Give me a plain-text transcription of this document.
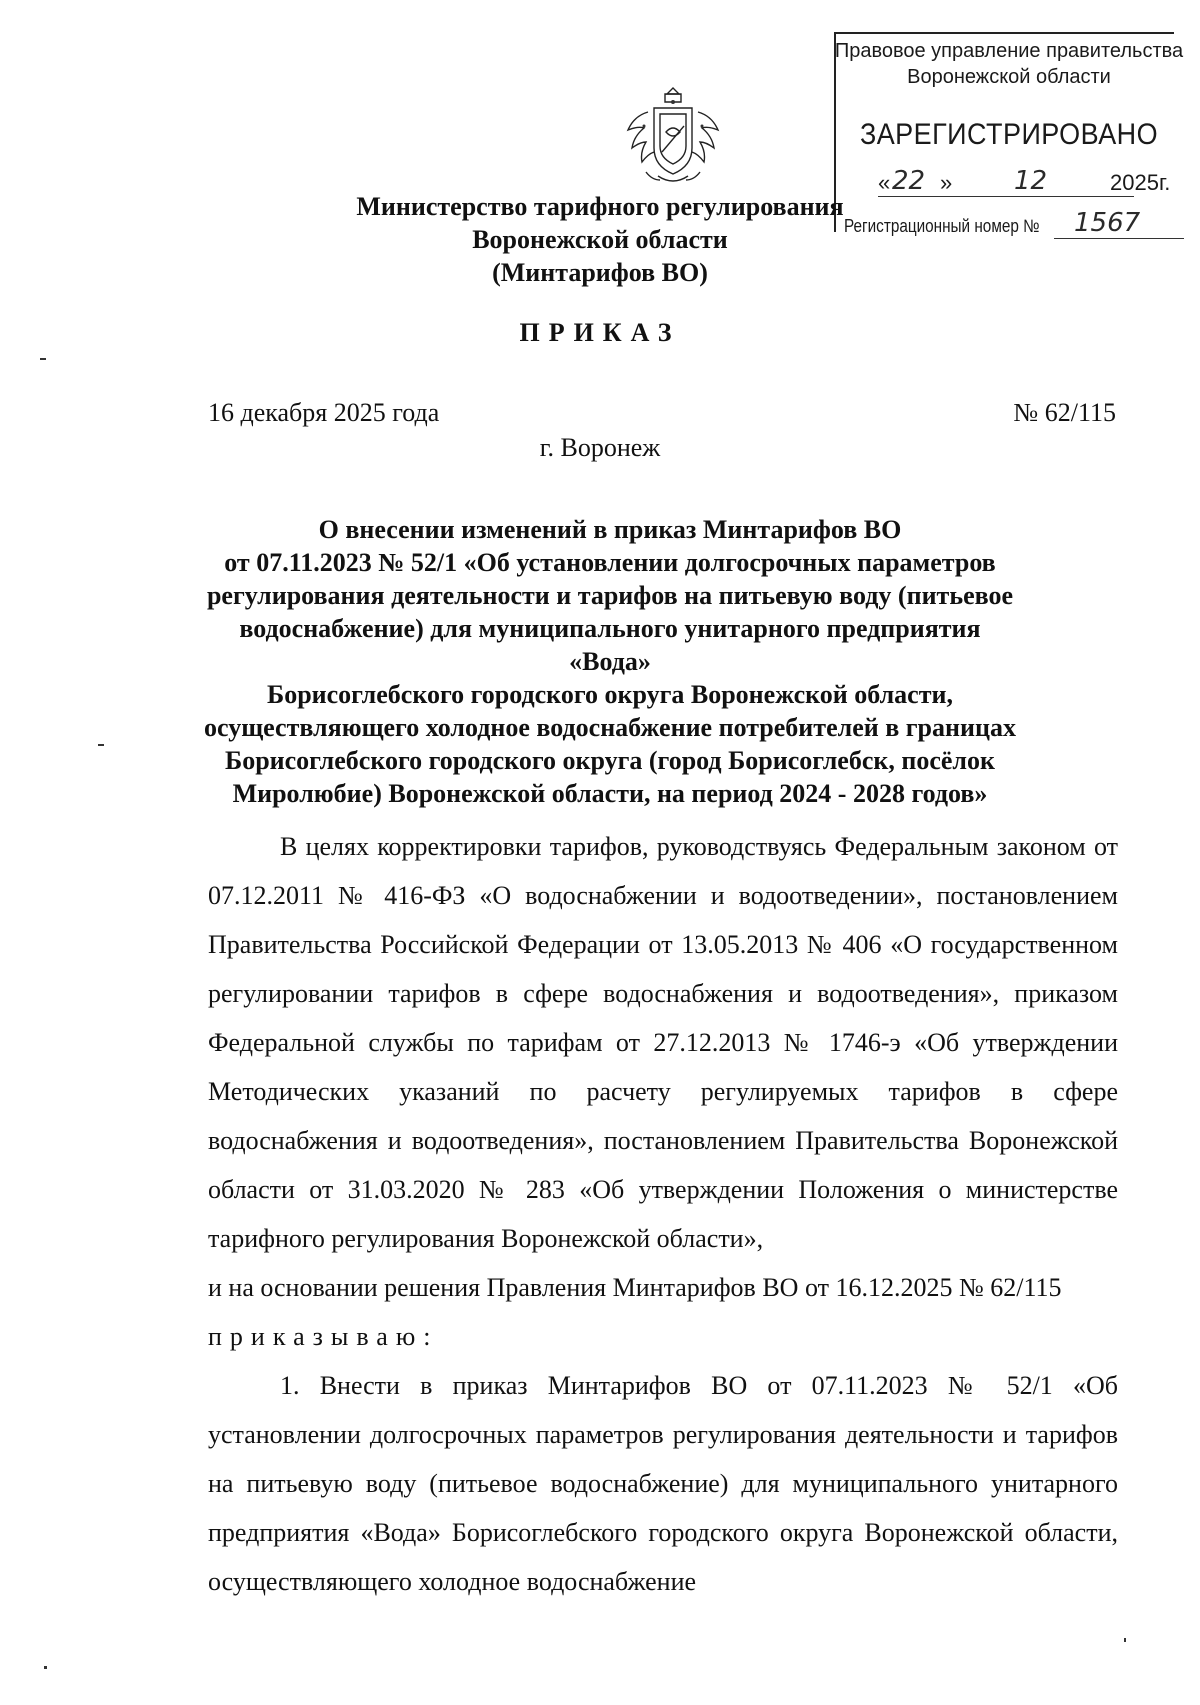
Правовое управление правительства
Воронежской области
ЗАРЕГИСТРИРОВАНО
« 22 » 12	2025г.
Регистрационный номер № 1567
Министерство тарифного регулирования
Воронежской области
(Минтарифов ВО)
ПРИКАЗ
16 декабря 2025 года	№ 62/115
г. Воронеж
О внесении изменений в приказ Минтарифов ВО
от 07.11.2023 № 52/1 «Об установлении долгосрочных параметров
регулирования деятельности и тарифов на питьевую воду (питьевое
водоснабжение) для муниципального унитарного предприятия «Вода»
Борисоглебского городского округа Воронежской области,
осуществляющего холодное водоснабжение потребителей в границах
Борисоглебского городского округа (город Борисоглебск, посёлок
Миролюбие) Воронежской области, на период 2024 - 2028 годов»

В целях корректировки тарифов, руководствуясь Федеральным законом от 07.12.2011 № 416-ФЗ «О водоснабжении и водоотведении», постановлением Правительства Российской Федерации от 13.05.2013 № 406 «О государственном регулировании тарифов в сфере водоснабжения и водоотведения», приказом Федеральной службы по тарифам от 27.12.2013 № 1746-э «Об утверждении Методических указаний по расчету регулируемых тарифов в сфере водоснабжения и водоотведения», постановлением Правительства Воронежской области от 31.03.2020 № 283 «Об утверждении Положения о министерстве тарифного регулирования Воронежской области»,

и на основании решения Правления Минтарифов ВО от 16.12.2025 № 62/115

приказываю:

1. Внести в приказ Минтарифов ВО от 07.11.2023 № 52/1 «Об установлении долгосрочных параметров регулирования деятельности и тарифов на питьевую воду (питьевое водоснабжение) для муниципального унитарного предприятия «Вода» Борисоглебского городского округа Воронежской области, осуществляющего холодное водоснабжение
